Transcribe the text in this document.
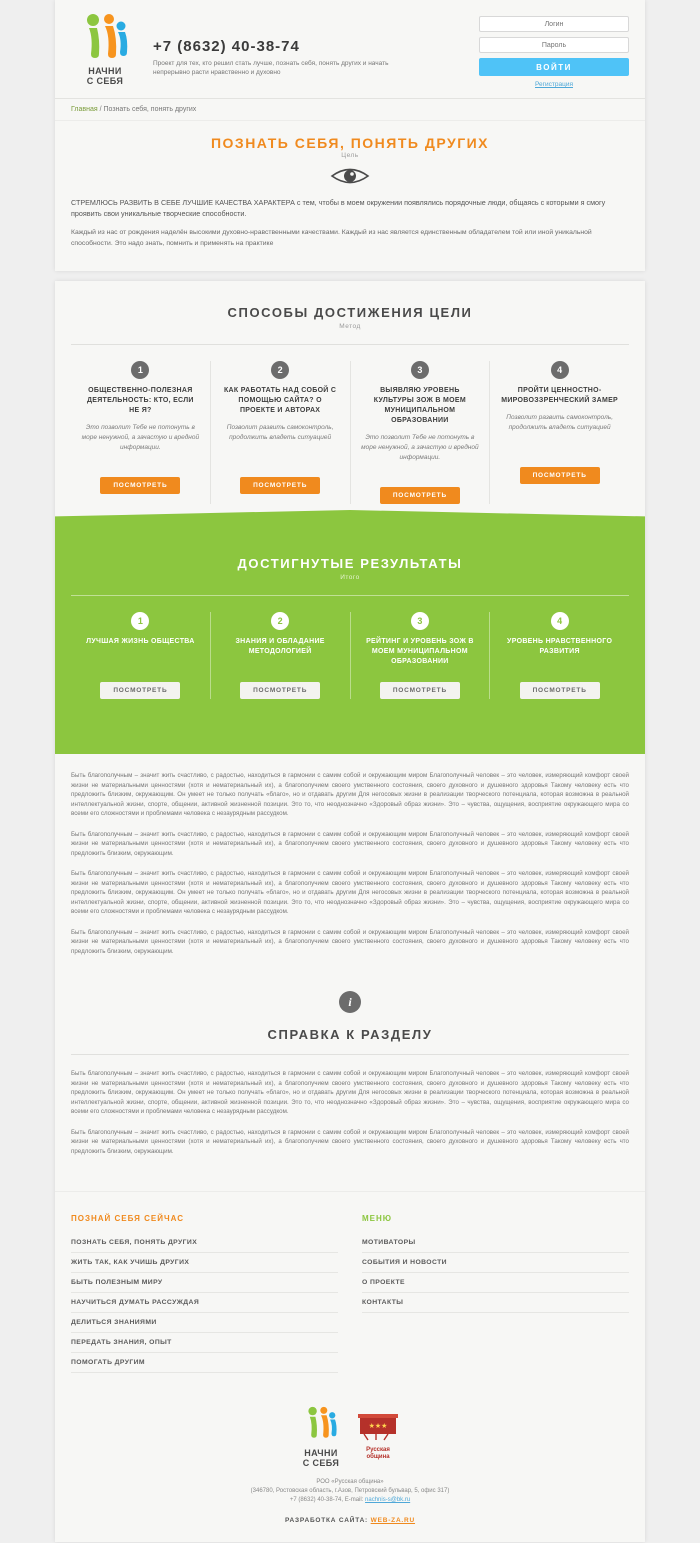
НАЧНИ
С СЕБЯ
+7 (8632) 40-38-74
Проект для тех, кто решил стать лучше, познать себя, понять других и начать непрерывно расти нравственно и духовно
Логин
ВОЙТИ
Регистрация
Главная / Познать себя, понять других
ПОЗНАТЬ СЕБЯ, ПОНЯТЬ ДРУГИХ
Цель

СТРЕМЛЮСЬ РАЗВИТЬ В СЕБЕ ЛУЧШИЕ КАЧЕСТВА ХАРАКТЕРА с тем, чтобы в моем окружении появлялись порядочные люди, общаясь с которыми я смогу проявить свои уникальные творческие способности.

Каждый из нас от рождения наделён высокими духовно-нравственными качествами. Каждый из нас является единственным обладателем той или иной уникальной способности. Это надо знать, помнить и применять на практике

СПОСОБЫ ДОСТИЖЕНИЯ ЦЕЛИ
Метод
1
ОБЩЕСТВЕННО-ПОЛЕЗНАЯ ДЕЯТЕЛЬНОСТЬ: КТО, ЕСЛИ НЕ Я?

Это позволит Тебе не потонуть в море ненужной, а зачастую и вредной информации.

ПОСМОТРЕТЬ
2
КАК РАБОТАТЬ НАД СОБОЙ С ПОМОЩЬЮ САЙТА? О ПРОЕКТЕ И АВТОРАХ

Позволит развить самоконтроль, продолжить владеть ситуацией

ПОСМОТРЕТЬ
3
ВЫЯВЛЯЮ УРОВЕНЬ КУЛЬТУРЫ ЗОЖ В МОЕМ МУНИЦИПАЛЬНОМ ОБРАЗОВАНИИ

Это позволит Тебе не потонуть в море ненужной, а зачастую и вредной информации.

ПОСМОТРЕТЬ
4
ПРОЙТИ ЦЕННОСТНО-МИРОВОЗЗРЕНЧЕСКИЙ ЗАМЕР

Позволит развить самоконтроль, продолжить владеть ситуацией

ПОСМОТРЕТЬ
ДОСТИГНУТЫЕ РЕЗУЛЬТАТЫ
Итого
1
ЛУЧШАЯ ЖИЗНЬ ОБЩЕСТВА
ПОСМОТРЕТЬ
2
ЗНАНИЯ И ОБЛАДАНИЕ МЕТОДОЛОГИЕЙ
ПОСМОТРЕТЬ
3
РЕЙТИНГ И УРОВЕНЬ ЗОЖ В МОЕМ МУНИЦИПАЛЬНОМ ОБРАЗОВАНИИ
ПОСМОТРЕТЬ
4
УРОВЕНЬ НРАВСТВЕННОГО РАЗВИТИЯ
ПОСМОТРЕТЬ

Быть благополучным – значит жить счастливо, с радостью, находиться в гармонии с самим собой и окружающим миром Благополучный человек – это человек, измеряющий комфорт своей жизни не материальными ценностями (хотя и нематериальный их), а благополучием своего умственного состояния, своего духовного и душевного здоровья Такому человеку есть что предложить близким, окружающим. Он умеет не только получать «благо», но и отдавать другим Для негосовых жизни в реализации творческого потенциала, которая возможна в реальной интеллектуальной жизни, спорте, общении, активной жизненной позиции. Это то, что неоднозначно «Здоровый образ жизни». Это – чувства, ощущения, восприятие окружающего мира со всеми его сложностями и проблемами человека с незаурядным рассудком.

Быть благополучным – значит жить счастливо, с радостью, находиться в гармонии с самим собой и окружающим миром Благополучный человек – это человек, измеряющий комфорт своей жизни не материальными ценностями (хотя и нематериальный их), а благополучием своего умственного состояния, своего духовного и душевного здоровья Такому человеку есть что предложить близким, окружающим.

Быть благополучным – значит жить счастливо, с радостью, находиться в гармонии с самим собой и окружающим миром Благополучный человек – это человек, измеряющий комфорт своей жизни не материальными ценностями (хотя и нематериальный их), а благополучием своего умственного состояния, своего духовного и душевного здоровья Такому человеку есть что предложить близким, окружающим. Он умеет не только получать «благо», но и отдавать другим Для негосовых жизни в реализации творческого потенциала, которая возможна в реальной интеллектуальной жизни, спорте, общении, активной жизненной позиции. Это то, что неоднозначно «Здоровый образ жизни». Это – чувства, ощущения, восприятие окружающего мира со всеми его сложностями и проблемами человека с незаурядным рассудком.

Быть благополучным – значит жить счастливо, с радостью, находиться в гармонии с самим собой и окружающим миром Благополучный человек – это человек, измеряющий комфорт своей жизни не материальными ценностями (хотя и нематериальный их), а благополучием своего умственного состояния, своего духовного и душевного здоровья Такому человеку есть что предложить близким, окружающим.

i
СПРАВКА К РАЗДЕЛУ

Быть благополучным – значит жить счастливо, с радостью, находиться в гармонии с самим собой и окружающим миром Благополучный человек – это человек, измеряющий комфорт своей жизни не материальными ценностями (хотя и нематериальный их), а благополучием своего умственного состояния, своего духовного и душевного здоровья Такому человеку есть что предложить близким, окружающим. Он умеет не только получать «благо», но и отдавать другим Для негосовых жизни в реализации творческого потенциала, которая возможна в реальной интеллектуальной жизни, спорте, общении, активной жизненной позиции. Это то, что неоднозначно «Здоровый образ жизни». Это – чувства, ощущения, восприятие окружающего мира со всеми его сложностями и проблемами человека с незаурядным рассудком.

Быть благополучным – значит жить счастливо, с радостью, находиться в гармонии с самим собой и окружающим миром Благополучный человек – это человек, измеряющий комфорт своей жизни не материальными ценностями (хотя и нематериальный их), а благополучием своего умственного состояния, своего духовного и душевного здоровья Такому человеку есть что предложить близким, окружающим.

ПОЗНАЙ СЕБЯ СЕЙЧАС
ПОЗНАТЬ СЕБЯ, ПОНЯТЬ ДРУГИХ
ЖИТЬ ТАК, КАК УЧИШЬ ДРУГИХ
БЫТЬ ПОЛЕЗНЫМ МИРУ
НАУЧИТЬСЯ ДУМАТЬ РАССУЖДАЯ
ДЕЛИТЬСЯ ЗНАНИЯМИ
ПЕРЕДАТЬ ЗНАНИЯ, ОПЫТ
ПОМОГАТЬ ДРУГИМ
МЕНЮ
МОТИВАТОРЫ
СОБЫТИЯ И НОВОСТИ
О ПРОЕКТЕ
КОНТАКТЫ
НАЧНИ
С СЕБЯ
★★★
Русская
община
РОО «Русская община»
(346780, Ростовская область, г.Азов, Петровский бульвар, 5, офис 317)
+7 (8632) 40-38-74, E-mail: nachnis-s@bk.ru
РАЗРАБОТКА САЙТА: WEB-ZA.RU
